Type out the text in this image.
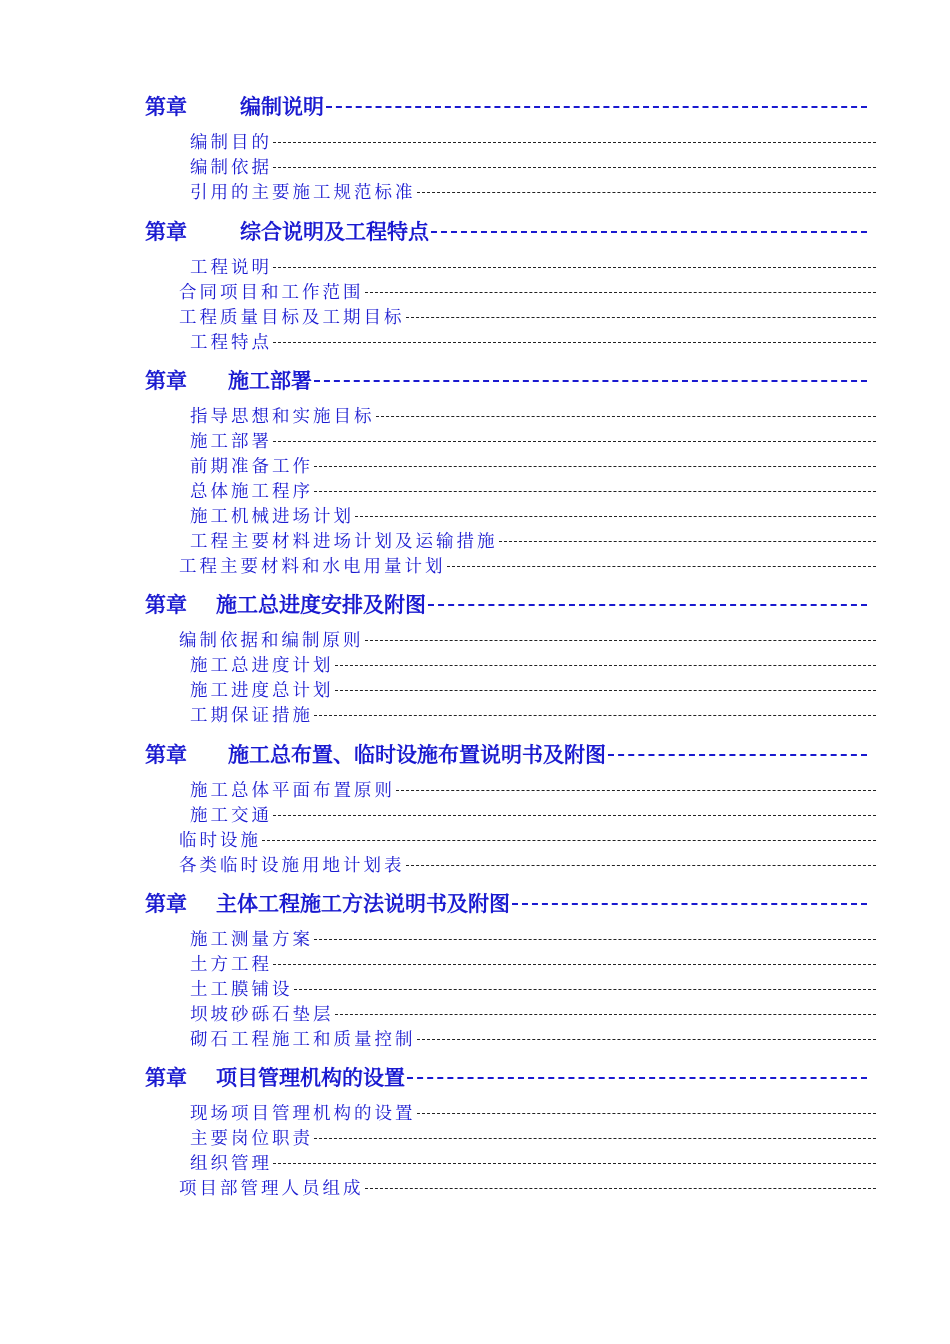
第章	编制说明
编制目的
编制依据
引用的主要施工规范标准
第章	综合说明及工程特点
工程说明
合同项目和工作范围
工程质量目标及工期目标
工程特点
第章	施工部署
指导思想和实施目标
施工部署
前期准备工作
总体施工程序
施工机械进场计划
工程主要材料进场计划及运输措施
工程主要材料和水电用量计划
第章	施工总进度安排及附图
编制依据和编制原则
施工总进度计划
施工进度总计划
工期保证措施
第章	施工总布置、临时设施布置说明书及附图
施工总体平面布置原则
施工交通
临时设施
各类临时设施用地计划表
第章	主体工程施工方法说明书及附图
施工测量方案
土方工程
土工膜铺设
坝坡砂砾石垫层
砌石工程施工和质量控制
第章	项目管理机构的设置
现场项目管理机构的设置
主要岗位职责
组织管理
项目部管理人员组成
